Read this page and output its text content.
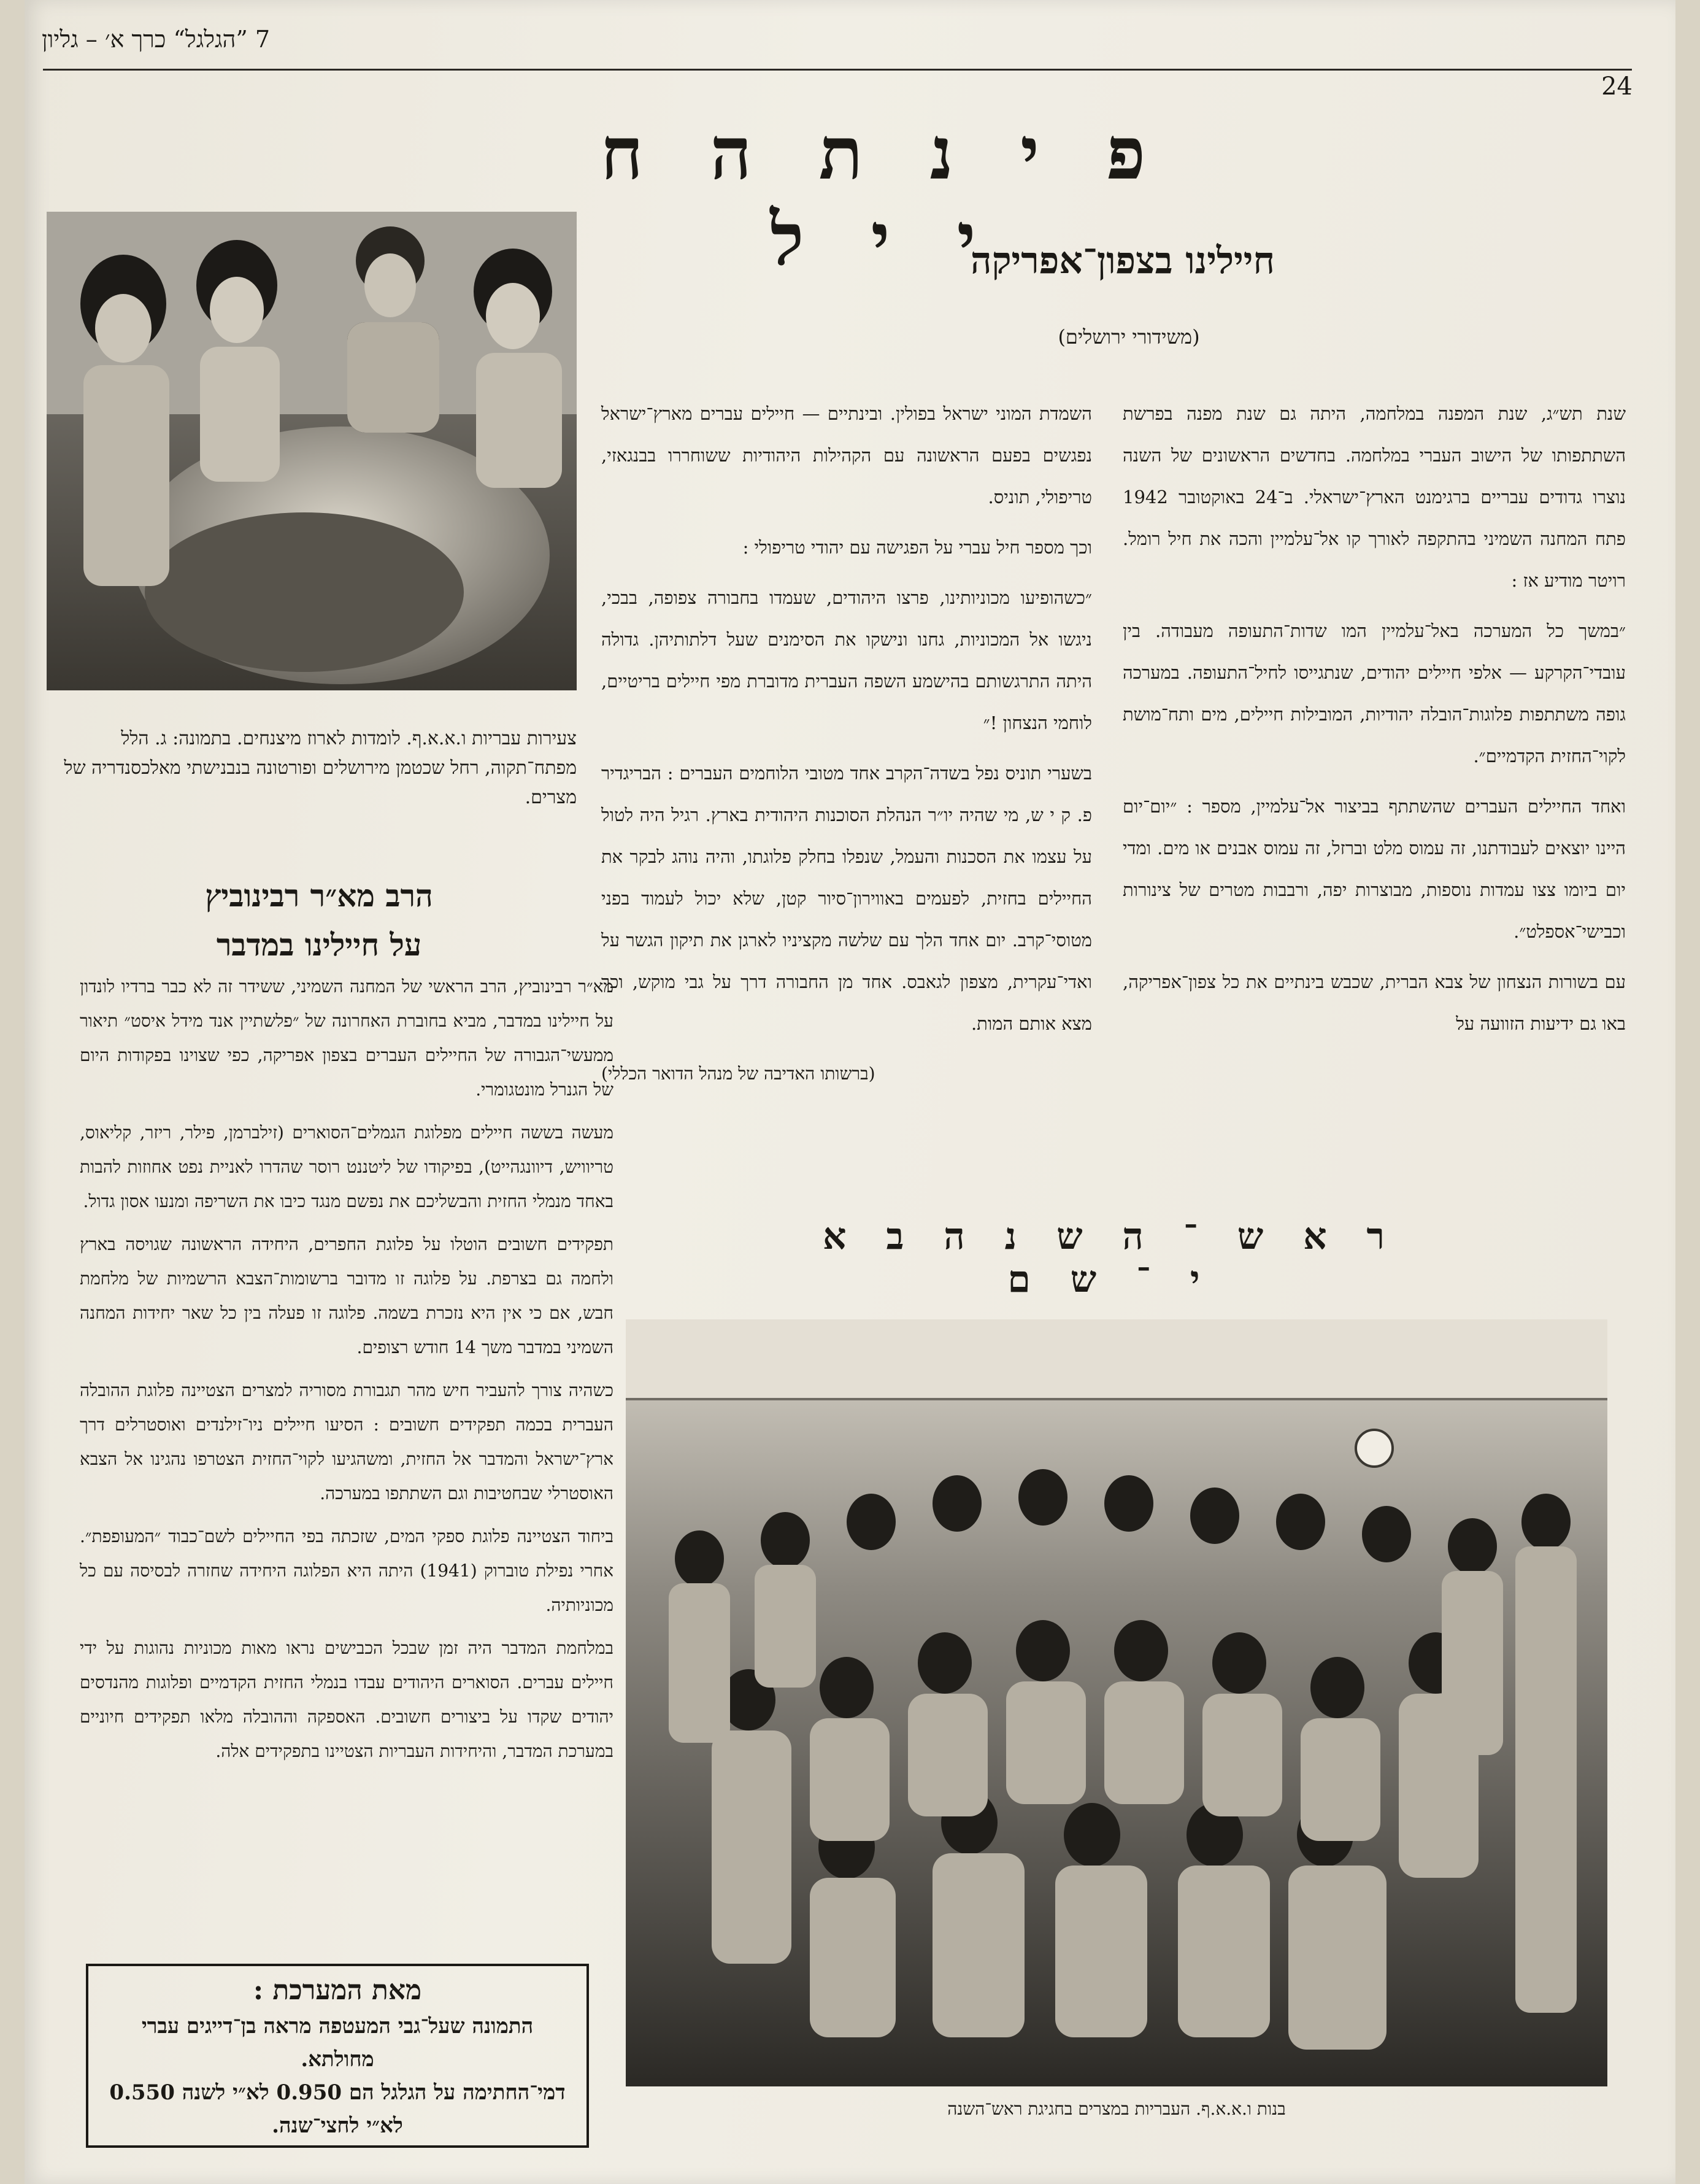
7 ”הגלגל“ כרך א׳ – גליון
24
פ י נ ת ה ח י י ל
צעירות עבריות ו.א.א.ף. לומדות לארוז מיצנחים. בתמונה: ג. הלל מפתח־תקוה, רחל שכטמן מירושלים ופורטונה בנבנישתי מאלכסנדריה של מצרים.
הרב מא״ר רבינוביץ
על חיילינו במדבר

מא״ר רבינוביץ, הרב הראשי של המחנה השמיני, ששידר זה לא כבר ברדיו לונדון על חיילינו במדבר, מביא בחוברת האחרונה של ״פלשתיין אנד מידל איסט״ תיאור ממעשי־הגבורה של החיילים העברים בצפון אפריקה, כפי שצוינו בפקודות היום של הגנרל מונטגומרי.

מעשה בששה חיילים מפלוגת הגמלים־הסוארים (זילברמן, פילר, ריזר, קליאוס, טריוויש, דיוונגהייט), בפיקודו של ליטננט רוסר שהדרו לאניית נפט אחוזות להבות באחד מנמלי החזית והבשליכם את נפשם מנגד כיבו את השריפה ומנעו אסון גדול.

תפקידים חשובים הוטלו על פלוגת החפרים, היחידה הראשונה שגויסה בארץ ולחמה גם בצרפת. על פלוגה זו מדובר ברשומות־הצבא הרשמיות של מלחמת חבש, אם כי אין היא נזכרת בשמה. פלוגה זו פעלה בין כל שאר יחידות המחנה השמיני במדבר משך 14 חודש רצופים.

כשהיה צורך להעביר חיש מהר תגבורת מסוריה למצרים הצטיינה פלוגת ההובלה העברית בכמה תפקידים חשובים : הסיעו חיילים ניו־זילנדים ואוסטרלים דרך ארץ־ישראל והמדבר אל החזית, ומשהגיעו לקוי־החזית הצטרפו נהגינו אל הצבא האוסטרלי שבחטיבות וגם השתתפו במערכה.

ביחוד הצטיינה פלוגת ספקי המים, שזכתה בפי החיילים לשם־כבוד ״המעופפת״. אחרי נפילת טוברוק (1941) היתה היא הפלוגה היחידה שחזרה לבסיסה עם כל מכוניותיה.

במלחמת המדבר היה זמן שבכל הכבישים נראו מאות מכוניות נהוגות על ידי חיילים עברים. הסוארים היהודים עבדו בנמלי החזית הקדמיים ופלוגות מהנדסים יהודים שקדו על ביצורים חשובים. האספקה וההובלה מלאו תפקידים חיוניים במערכת המדבר, והיחידות העבריות הצטיינו בתפקידים אלה.

מאת המערכת :

התמונה שעל־גבי המעטפה מראה בן־דייגים עברי מחולתא.

דמי־החתימה על הגלגל הם 0.950 לא״י לשנה 0.550 לא״י לחצי־שנה.

חיילינו בצפון־אפריקה
(משידורי ירושלים)

שנת תש״ג, שנת המפנה במלחמה, היתה גם שנת מפנה בפרשת השתתפותו של הישוב העברי במלחמה. בחדשים הראשונים של השנה נוצרו גדודים עבריים ברגימנט הארץ־ישראלי. ב־24 באוקטובר 1942 פתח המחנה השמיני בהתקפה לאורך קו אל־עלמיין והכה את חיל רומל. רויטר מודיע אז :

״במשך כל המערכה באל־עלמיין המו שדות־התעופה מעבודה. בין עובדי־הקרקע — אלפי חיילים יהודים, שנתגייסו לחיל־התעופה. במערכה גופה משתתפות פלוגות־הובלה יהודיות, המובילות חיילים, מים ותח־מושת לקוי־החזית הקדמיים״.

ואחד החיילים העברים שהשתתף בביצור אל־עלמיין, מספר : ״יום־יום היינו יוצאים לעבודתנו, זה עמוס מלט וברזל, זה עמוס אבנים או מים. ומדי יום ביומו צצו עמדות נוספות, מבוצרות יפה, ורבבות מטרים של צינורות וכבישי־אספלט״.

עם בשורות הנצחון של צבא הברית, שכבש בינתיים את כל צפון־אפריקה, באו גם ידיעות הזוועה על

השמדת המוני ישראל בפולין. ובינתיים — חיילים עברים מארץ־ישראל נפגשים בפעם הראשונה עם הקהילות היהודיות ששוחררו בבנגאזי, טריפולי, תוניס.

וכך מספר חיל עברי על הפגישה עם יהודי טריפולי :

״כשהופיעו מכוניותינו, פרצו היהודים, שעמדו בחבורה צפופה, בבכי, ניגשו אל המכוניות, גחנו ונישקו את הסימנים שעל דלתותיהן. גדולה היתה התרגשותם בהישמע השפה העברית מדוברת מפי חיילים בריטיים, לוחמי הנצחון !״

בשערי תוניס נפל בשדה־הקרב אחד מטובי הלוחמים העברים : הבריגדיר פ. ק י ש, מי שהיה יו״ר הנהלת הסוכנות היהודית בארץ. רגיל היה לטול על עצמו את הסכנות והעמל, שנפלו בחלק פלוגתו, והיה נוהג לבקר את החיילים בחזית, לפעמים באווירון־סיור קטן, שלא יכול לעמוד בפני מטוסי־קרב. יום אחד הלך עם שלשה מקציניו לארגן את תיקון הגשר על ואדי־עקרית, מצפון לגאבס. אחד מן החבורה דרך על גבי מוקש, וכך מצא אותם המות.

(ברשותו האדיבה של מנהל הדואר הכללי)
ר א ש ־ ה ש נ ה ב א י ־ ש ם
בנות ו.א.א.ף. העבריות במצרים בחגיגת ראש־השנה
